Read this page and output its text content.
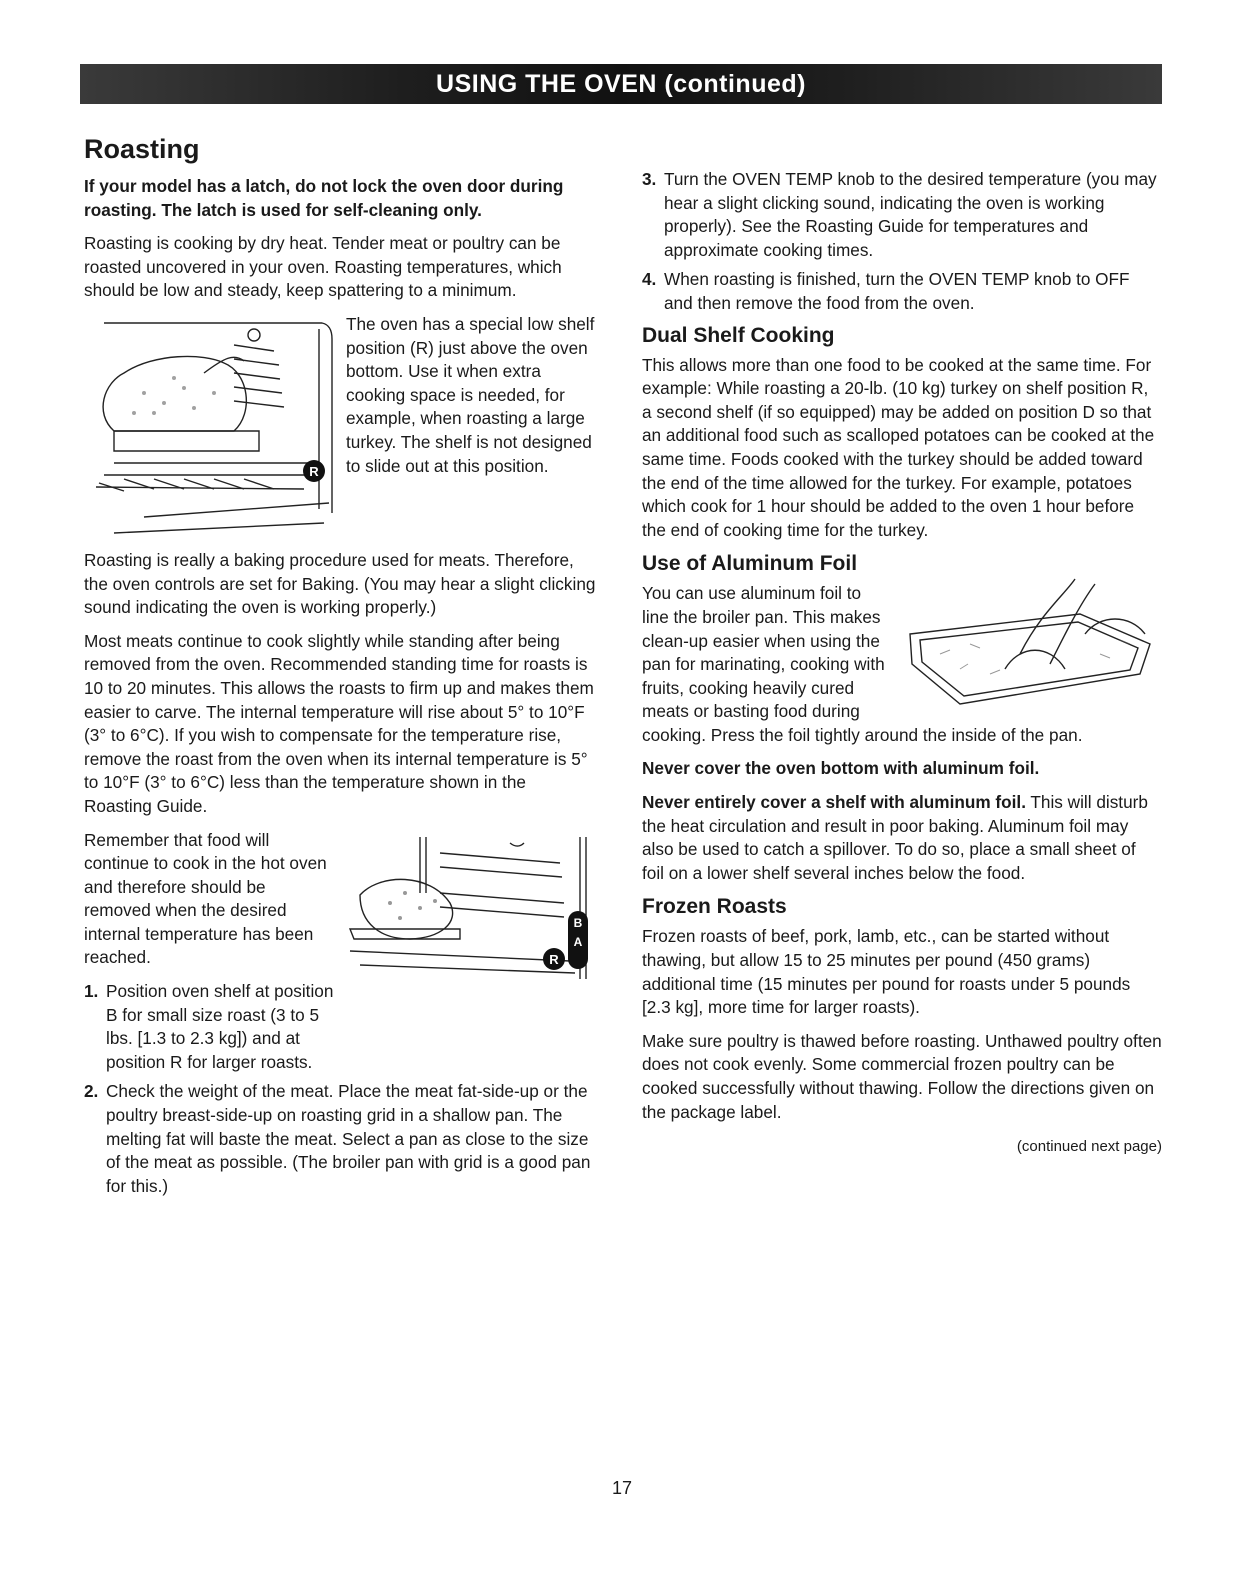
USING THE OVEN (continued)
Roasting
If your model has a latch, do not lock the oven door during roasting. The latch is used for self-cleaning only.

Roasting is cooking by dry heat. Tender meat or poultry can be roasted uncovered in your oven. Roasting temperatures, which should be low and steady, keep spattering to a minimum.

R

The oven has a special low shelf position (R) just above the oven bottom. Use it when extra cooking space is needed, for example, when roasting a large turkey. The shelf is not designed to slide out at this position.

Roasting is really a baking procedure used for meats. Therefore, the oven controls are set for Baking. (You may hear a slight clicking sound indicating the oven is working properly.)

Most meats continue to cook slightly while standing after being removed from the oven. Recommended standing time for roasts is 10 to 20 minutes. This allows the roasts to firm up and makes them easier to carve. The internal temperature will rise about 5° to 10°F (3° to 6°C). If you wish to compensate for the temperature rise, remove the roast from the oven when its internal temperature is 5° to 10°F (3° to 6°C) less than the temperature shown in the Roasting Guide.

B
A
R

Remember that food will continue to cook in the hot oven and therefore should be removed when the desired internal temperature has been reached.

1. Position oven shelf at position B for small size roast (3 to 5 lbs. [1.3 to 2.3 kg]) and at position R for larger roasts.
2. Check the weight of the meat. Place the meat fat-side-up or the poultry breast-side-up on roasting grid in a shallow pan. The melting fat will baste the meat. Select a pan as close to the size of the meat as possible. (The broiler pan with grid is a good pan for this.)
3. Turn the OVEN TEMP knob to the desired temperature (you may hear a slight clicking sound, indicating the oven is working properly). See the Roasting Guide for temperatures and approximate cooking times.
4. When roasting is finished, turn the OVEN TEMP knob to OFF and then remove the food from the oven.
Dual Shelf Cooking

This allows more than one food to be cooked at the same time. For example: While roasting a 20-lb. (10 kg) turkey on shelf position R, a second shelf (if so equipped) may be added on position D so that an additional food such as scalloped potatoes can be cooked at the same time. Foods cooked with the turkey should be added toward the end of the time allowed for the turkey. For example, potatoes which cook for 1 hour should be added to the oven 1 hour before the end of cooking time for the turkey.

Use of Aluminum Foil

You can use aluminum foil to line the broiler pan. This makes clean-up easier when using the pan for marinating, cooking with fruits, cooking heavily cured meats or basting food during cooking. Press the foil tightly around the inside of the pan.

Never cover the oven bottom with aluminum foil.

Never entirely cover a shelf with aluminum foil. This will disturb the heat circulation and result in poor baking. Aluminum foil may also be used to catch a spillover. To do so, place a small sheet of foil on a lower shelf several inches below the food.

Frozen Roasts

Frozen roasts of beef, pork, lamb, etc., can be started without thawing, but allow 15 to 25 minutes per pound (450 grams) additional time (15 minutes per pound for roasts under 5 pounds [2.3 kg], more time for larger roasts).

Make sure poultry is thawed before roasting. Unthawed poultry often does not cook evenly. Some commercial frozen poultry can be cooked successfully without thawing. Follow the directions given on the package label.

(continued next page)
17
